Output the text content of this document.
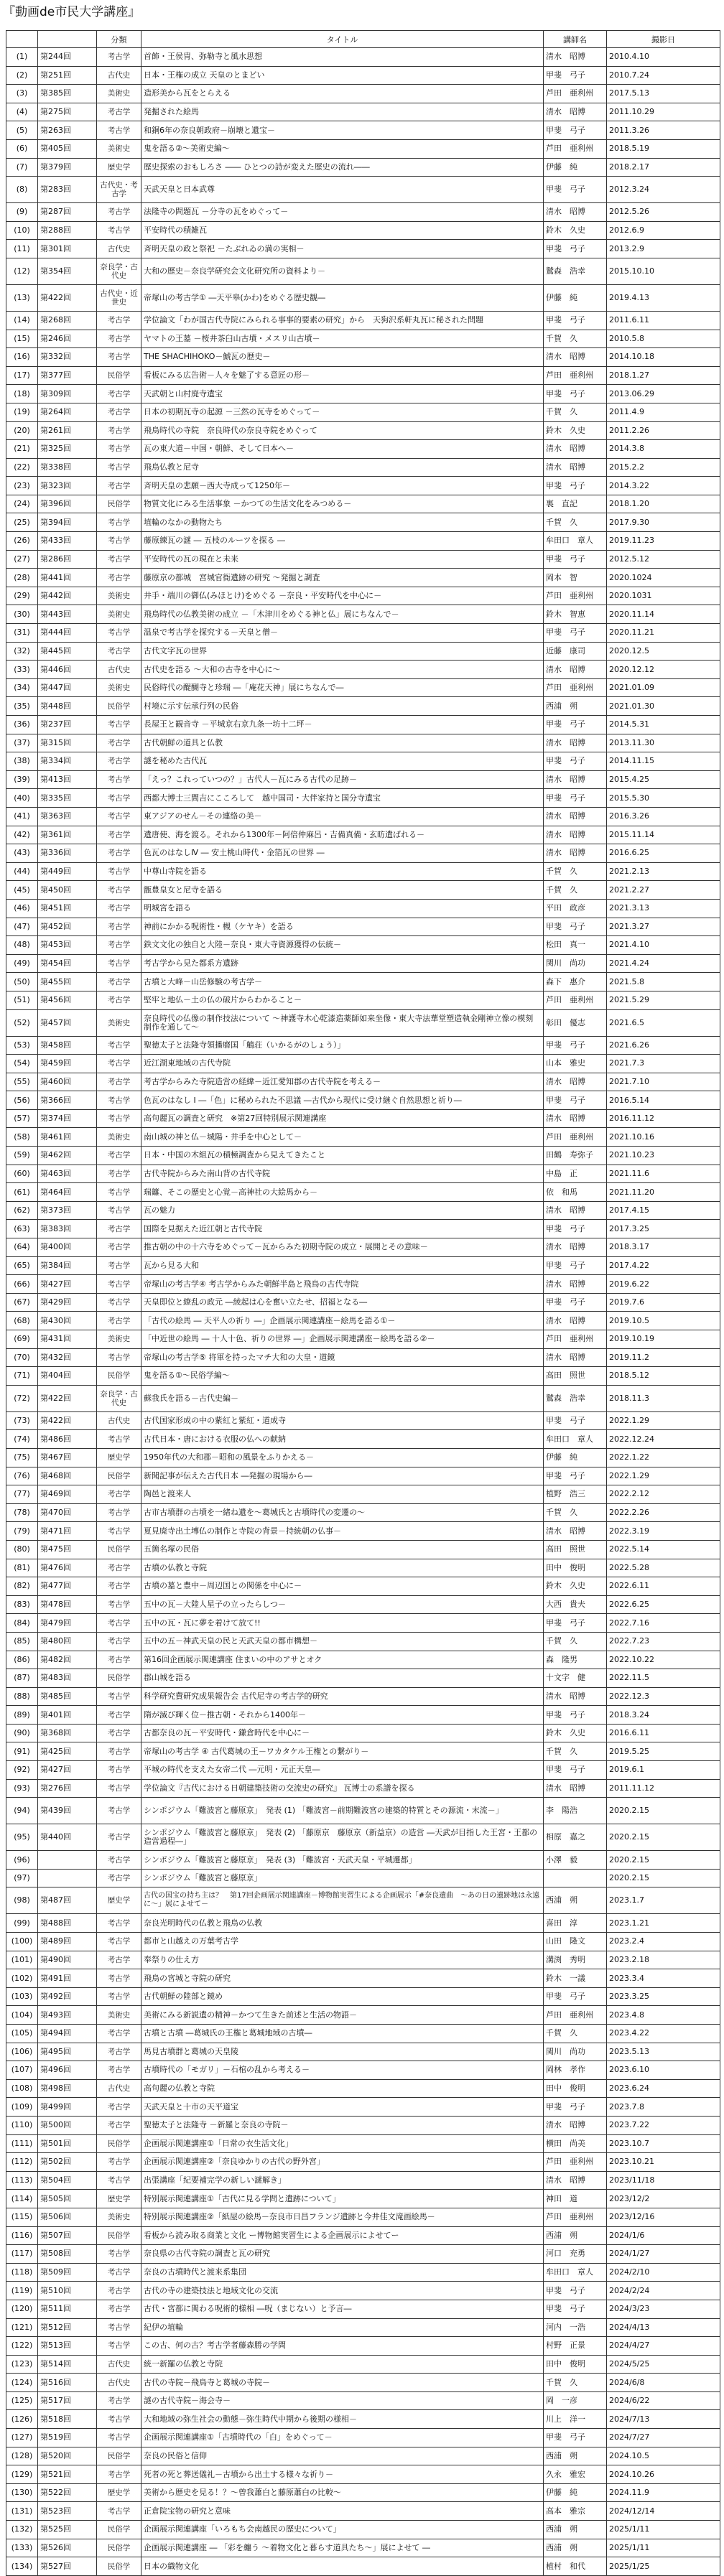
『動画de市民大学講座』
		分類	タイトル	講師名	撮影日
(1)	第244回	考古学	首飾・王侯冑、弥勒寺と風水思想	清水　昭博	2010.4.10
(2)	第251回	古代史	日本・王権の成立 天皇のとまどい	甲斐　弓子	2010.7.24
(3)	第385回	美術史	造形美から瓦をとらえる	芦田　亜利州	2017.5.13
(4)	第275回	考古学	発掘された絵馬	清水　昭博	2011.10.29
(5)	第263回	考古学	和銅6年の奈良朝政府－崩壊と遺宝－	甲斐　弓子	2011.3.26
(6)	第405回	美術史	鬼を語る②～美術史編～	芦田　亜利州	2018.5.19
(7)	第379回	歴史学	歴史探索のおもしろさ ―― ひとつの詩が変えた歴史の流れ――	伊藤　純	2018.2.17
(8)	第283回	古代史・考古学	天武天皇と日本武尊	甲斐　弓子	2012.3.24
(9)	第287回	考古学	法隆寺の問題瓦 －分寺の瓦をめぐって－	清水　昭博	2012.5.26
(10)	第288回	考古学	平安時代の積雑瓦	鈴木　久史	2012.6.9
(11)	第301回	古代史	斉明天皇の政と祭祀 －たぶれゐの満の実相－	甲斐　弓子	2013.2.9
(12)	第354回	奈良学・古代史	大和の歴史－奈良学研究会文化研究所の資料より－	鷲森　浩幸	2015.10.10
(13)	第422回	古代史・近世史	帝塚山の考古学① ―天平皋(かわ)をめぐる歴史観―	伊藤　純	2019.4.13
(14)	第268回	考古学	学位論文「わが国古代寺院にみられる事事的要素の研究」から　天狗沢系軒丸瓦に秘された問題	甲斐　弓子	2011.6.11
(15)	第246回	考古学	ヤマトの王墓 －桜井茶臼山古墳・メスリ山古墳－	千賀　久	2010.5.8
(16)	第332回	考古学	THE SHACHIHOKO－鯱瓦の歴史－	清水　昭博	2014.10.18
(17)	第377回	民俗学	看板にみる広告術－人々を魅了する意匠の形－	芦田　亜利州	2018.1.27
(18)	第309回	考古学	天武朝と山村廃寺遺宝	甲斐　弓子	2013.06.29
(19)	第264回	考古学	日本の初期瓦寺の起源 －三然の瓦寺をめぐって－	千賀　久	2011.4.9
(20)	第261回	考古学	飛鳥時代の寺院　奈良時代の奈良寺院をめぐって	鈴木　久史	2011.2.26
(21)	第325回	考古学	瓦の東大道－中国・朝鮮、そして日本へ－	清水　昭博	2014.3.8
(22)	第338回	考古学	飛鳥仏教と尼寺	清水　昭博	2015.2.2
(23)	第323回	考古学	斉明天皇の悲願－西大寺成って1250年－	甲斐　弓子	2014.3.22
(24)	第396回	民俗学	物質文化にみる生活事象 －かつての生活文化をみつめる－	裏　直記	2018.1.20
(25)	第394回	考古学	埴輪のなかの動物たち	千賀　久	2017.9.30
(26)	第433回	考古学	藤原練瓦の謎 ― 五枝のルーツを探る ―	牟田口　章人	2019.11.23
(27)	第286回	考古学	平安時代の瓦の現在と未来	甲斐　弓子	2012.5.12
(28)	第441回	考古学	藤原京の都城　宮城官衙遺跡の研究 ～発掘と調査	岡本　智	2020.1024
(29)	第442回	美術史	井手・端川の御仏(みほとけ)をめぐる －奈良・平安時代を中心に－	芦田　亜利州	2020.1031
(30)	第443回	美術史	飛鳥時代の仏教美術の成立 －「木津川をめぐる神と仏」展にちなんで－	鈴木　智恵	2020.11.14
(31)	第444回	考古学	温泉で考古学を探究する－天皇と僧－	甲斐　弓子	2020.11.21
(32)	第445回	考古学	古代文字瓦の世界	近藤　康司	2020.12.5
(33)	第446回	古代史	古代史を語る ～大和の古寺を中心に～	清水　昭博	2020.12.12
(34)	第447回	美術史	民俗時代の醍醐寺と珍瑞 ―「庵花天神」展にちなんで―	芦田　亜利州	2021.01.09
(35)	第448回	民俗学	村境に示す伝承行列の民俗	西浦　朔	2021.01.30
(36)	第237回	考古学	長屋王と観音寺 －平城京右京九条一坊十二坪－	甲斐　弓子	2014.5.31
(37)	第315回	考古学	古代朝鮮の道具と仏教	清水　昭博	2013.11.30
(38)	第334回	考古学	謎を秘めた古代瓦	甲斐　弓子	2014.11.15
(39)	第413回	考古学	「えっ？これっていつの？」古代人－瓦にみる古代の足跡－	清水　昭博	2015.4.25
(40)	第335回	考古学	西都大博士三間吉にこころして　越中国司・大伴家持と国分寺遺宝	甲斐　弓子	2015.5.30
(41)	第363回	考古学	東アジアのせん－その連絡の美－	清水　昭博	2016.3.26
(42)	第361回	考古学	遺唐使、海を渡る。それから1300年－阿倍仲麻呂・吉備真備・玄昉遺ばれる－	清水　昭博	2015.11.14
(43)	第336回	考古学	色瓦のはなしⅣ ― 安土桃山時代・金箔瓦の世界 ―	清水　昭博	2016.6.25
(44)	第449回	考古学	中尊山寺院を語る	千賀　久	2021.2.13
(45)	第450回	考古学	甑豊皇女と尼寺を語る	千賀　久	2021.2.27
(46)	第451回	考古学	明城宮を語る	平田　政彦	2021.3.13
(47)	第452回	考古学	神前にかかる呪術性・槻（ケヤキ）を語る	甲斐　弓子	2021.3.27
(48)	第453回	考古学	鉄文文化の独自と大陸－奈良・東大寺資源獲得の伝統－	松田　真一	2021.4.10
(49)	第454回	考古学	考古学から見た都系方遺跡	関川　尚功	2021.4.24
(50)	第455回	考古学	古墳と大峰－山岳修験の考古学－	森下　惠介	2021.5.8
(51)	第456回	考古学	堅牢と地仏－土の仏の破片からわかること－	芦田　亜利州	2021.5.29
(52)	第457回	美術史	奈良時代の仏像の制作技法について 〜神護寺木心乾漆造薬師如来坐像・東大寺法華堂塑造執金剛神立像の模刻制作を通して〜	彰田　優志	2021.6.5
(53)	第458回	考古学	聖徳太子と法隆寺領播磨国「鵤荘（いかるがのしょう）」	甲斐　弓子	2021.6.26
(54)	第459回	考古学	近江湖東地域の古代寺院	山本　雅史	2021.7.3
(55)	第460回	考古学	考古学からみた寺院造営の経緯－近江愛知郡の古代寺院を考える－	清水　昭博	2021.7.10
(56)	第366回	考古学	色瓦のはなし Ⅰ ―「色」に秘められた不思議 ―古代から現代に受け継ぐ自然思想と祈り―	甲斐　弓子	2016.5.14
(57)	第374回	考古学	高句麗瓦の調査と研究　※第27回特別展示関連講座	清水　昭博	2016.11.12
(58)	第461回	美術史	南山城の神と仏－城陽・井手を中心として－	芦田　亜利州	2021.10.16
(59)	第462回	考古学	日本・中国の木組瓦の積極調査から見えてきたこと	田鶴　寿弥子	2021.10.23
(60)	第463回	考古学	古代寺院からみた南山背の古代寺院	中島　正	2021.11.6
(61)	第464回	考古学	瑞籬、そこの歴史と心覚－高神社の大絵馬から－	依　和馬	2021.11.20
(62)	第373回	考古学	瓦の魅力	清水　昭博	2017.4.15
(63)	第383回	考古学	国際を見据えた近江朝と古代寺院	甲斐　弓子	2017.3.25
(64)	第400回	考古学	推古朝の中の十六寺をめぐって－瓦からみた初期寺院の成立・展開とその意味－	清水　昭博	2018.3.17
(65)	第384回	考古学	瓦から見る大和	甲斐　弓子	2017.4.22
(66)	第427回	考古学	帝塚山の考古学④ 考古学からみた朝鮮半島と飛鳥の古代寺院	清水　昭博	2019.6.22
(67)	第429回	考古学	天皇即位と繚乱の政元 ―綾起は心を奮い立たせ、招福となる―	甲斐　弓子	2019.7.6
(68)	第430回	考古学	「古代の絵馬 ― 天平人の祈り ―」企画展示関連講座－絵馬を語る①－	清水　昭博	2019.10.5
(69)	第431回	美術史	「中近世の絵馬 ― 十人十色、祈りの世界 ―」企画展示関連講座－絵馬を語る②－	芦田　亜利州	2019.10.19
(70)	第432回	考古学	帝塚山の考古学⑤ 将軍を持ったマチ大和の大皇・道鏡	清水　昭博	2019.11.2
(71)	第404回	民俗学	鬼を語る①～民俗学編～	高田　照世	2018.5.12
(72)	第422回	奈良学・古代史	蘇我氏を語る－古代史編－	鷲森　浩幸	2018.11.3
(73)	第422回	古代史	古代国家形成の中の紫紅と紫紅・道成寺	甲斐　弓子	2022.1.29
(74)	第486回	考古学	古代日本・唐における衣服の仏への献納	牟田口　章人	2022.12.24
(75)	第467回	歴史学	1950年代の大和郡－昭和の風景をふりかえる－	伊藤　純	2022.1.22
(76)	第468回	民俗学	新聞記事が伝えた古代日本 ―発掘の現場から―	甲斐　弓子	2022.1.29
(77)	第469回	考古学	陶邑と渡来人	植野　浩三	2022.2.12
(78)	第470回	考古学	古市古墳群の古墳を一緒ね遺を～葛城氏と古墳時代の変遷の～	千賀　久	2022.2.26
(79)	第471回	考古学	夏見廃寺出土塼仏の制作と寺院の背景－持統朝の仏事－	清水　昭博	2022.3.19
(80)	第475回	民俗学	五箇名塚の民俗	高田　照世	2022.5.14
(81)	第476回	考古学	古墳の仏教と寺院	田中　俊明	2022.5.28
(82)	第477回	考古学	古墳の墓と豊中－周辺国との関係を中心に－	鈴木　久史	2022.6.11
(83)	第478回	考古学	五中の瓦－大陸人星子の立ったらしつ－	大西　貴夫	2022.6.25
(84)	第479回	考古学	五中の瓦・瓦に夢を着けて放て!!	甲斐　弓子	2022.7.16
(85)	第480回	考古学	五中の五－神武天皇の民と天武天皇の都市構想－	千賀　久	2022.7.23
(86)	第482回	考古学	第16回企画展示関連講座 住まいの中のアサとオク	森　隆男	2022.10.22
(87)	第483回	民俗学	郡山城を語る	十文字　健	2022.11.5
(88)	第485回	考古学	科学研究費研究成果報告会 古代尼寺の考古学的研究	清水　昭博	2022.12.3
(89)	第401回	考古学	隋が滅び輝く位－推古朝・それから1400年－	甲斐　弓子	2018.3.24
(90)	第368回	考古学	古都奈良の瓦－平安時代・鎌倉時代を中心に－	鈴木　久史	2016.6.11
(91)	第425回	考古学	帝塚山の考古学 ④ 古代葛城の王－ワカタケル王権との繋がり－	千賀　久	2019.5.25
(92)	第427回	考古学	平城の時代を支えた女帝二代 ―元明・元正天皇―	甲斐　弓子	2019.6.1
(93)	第276回	考古学	学位論文『古代における日朝建築技術の交流史の研究』 瓦博士の系譜を探る	清水　昭博	2011.11.12
(94)	第439回	考古学	シンポジウム「難波宮と藤原京」　発表 (1) 「難波宮－前期難波宮の建築的特質とその源流・末流－」	李　陽浩	2020.2.15
(95)	第440回	考古学	シンポジウム「難波宮と藤原京」　発表 (2) 「藤原京　藤原京（新益京）の造営 ―天武が目指した王宮・王都の造営過程―」	相原　嘉之	2020.2.15
(96)		考古学	シンポジウム「難波宮と藤原京」　発表 (3) 「難波宮・天武天皇・平城遷都」	小澤　毅	2020.2.15
(97)		考古学	シンポジウム「難波宮と藤原京」		2020.2.15
(98)	第487回	歴史学	古代の国宝の持ち主は？　第17回企画展示関連講座－博物館実習生による企画展示「#奈良遺曲　～あの日の遺跡地は永遠に～」展によせて－	西浦　朔	2023.1.7
(99)	第488回	考古学	奈良光明時代の仏教と飛鳥の仏教	喜田　淳	2023.1.21
(100)	第489回	考古学	都市と山越えの万葉考古学	山田　隆文	2023.2.4
(101)	第490回	考古学	奉祭りの仕え方	溝渕　秀明	2023.2.18
(102)	第491回	考古学	飛鳥の宮城と寺院の研究	鈴木　一議	2023.3.4
(103)	第492回	考古学	古代朝鮮の陸部と鏡め	甲斐　弓子	2023.3.25
(104)	第493回	美術史	美術にみる新説遺の精神－かつて生きた前述と生活の物語－	芦田　亜利州	2023.4.8
(105)	第494回	考古学	古墳と古墳 ―葛城氏の王権と葛城地域の古墳―	千賀　久	2023.4.22
(106)	第495回	考古学	馬見古墳群と葛城の天皇陵	関川　尚功	2023.5.13
(107)	第496回	考古学	古墳時代の「モガリ」－石棺の乱から考える－	岡林　孝作	2023.6.10
(108)	第498回	古代史	高句麗の仏教と寺院	田中　俊明	2023.6.24
(109)	第499回	考古学	天武天皇と十市の天平道宝	甲斐　弓子	2023.7.8
(110)	第500回	考古学	聖徳太子と法隆寺 －新羅と奈良の寺院－	清水　昭博	2023.7.22
(111)	第501回	民俗学	企画展示関連講座①「日常の衣生活文化」	横田　尚美	2023.10.7
(112)	第502回	考古学	企画展示関連講座②「奈良ゆかりの古代の野外宮」	芦田　亜利州	2023.10.21
(113)	第504回	考古学	出張講座「紀要補完学の新しい謎解き」	清水　昭博	2023/11/18
(114)	第505回	歴史学	特別展示関連講座①「古代に見る学問と遺跡について」	神田　道	2023/12/2
(115)	第506回	美術史	特別展示関連講座②「紙屋の絵馬－奈良市日昌フランジ遺跡と今井佳文滝画絵馬－	芦田　亜利州	2023/12/16
(116)	第507回	民俗学	看板から読み取る商業と文化 ー博物館実習生による企画展示によせてー	西浦　朔	2024/1/6
(117)	第508回	考古学	奈良県の古代寺院の調査と瓦の研究	河口　充勇	2024/1/27
(118)	第509回	考古学	奈良の古墳時代と渡来系集団	牟田口　章人	2024/2/10
(119)	第510回	考古学	古代の寺の建築技法と地域文化の交流	甲斐　弓子	2024/2/24
(120)	第511回	考古学	古代・宮都に関わる呪術的様相 ―呪（まじない）と予言―	甲斐　弓子	2024/3/23
(121)	第512回	考古学	紀伊の埴輪	河内　一浩	2024/4/13
(122)	第513回	考古学	この古、何の古？考古学者藤森勝の学問	村野　正景	2024/4/27
(123)	第514回	古代史	統一新羅の仏教と寺院	田中　俊明	2024/5/25
(124)	第516回	古代史	古代の寺院－飛鳥寺と葛城の寺院－	千賀　久	2024/6/8
(125)	第517回	考古学	謎の古代寺院－海会寺－	岡　一彦	2024/6/22
(126)	第518回	考古学	大和地域の弥生社会の動態－弥生時代中期から後期の様相－	川上　洋一	2024/7/13
(127)	第519回	考古学	企画展示関連講座①「古墳時代の「白」をめぐって－	甲斐　弓子	2024/7/27
(128)	第520回	民俗学	奈良の民俗と信仰	西浦　朔	2024.10.5
(129)	第521回	考古学	死者の死と葬送儀礼－古墳から出土する様々な祈り－	久永　雅宏	2024.10.26
(130)	第522回	歴史学	美術から歴史を見る！？〜曾我蕭白と藤原蕭白の比較〜	伊藤　純	2024.11.9
(131)	第523回	考古学	正倉院宝物の研究と意味	高本　雅宗	2024/12/14
(132)	第525回	民俗学	企画展示関連講座「いろもち会南越民の歴史について」	西浦　朔	2025/1/11
(133)	第526回	民俗学	企画展示関連講座 ― 「彩を纏う ～着物文化と暮らす道具たち～」展によせて ―	西浦　朔	2025/1/11
(134)	第527回	民俗学	日本の織物文化	植村　和代	2025/1/25
